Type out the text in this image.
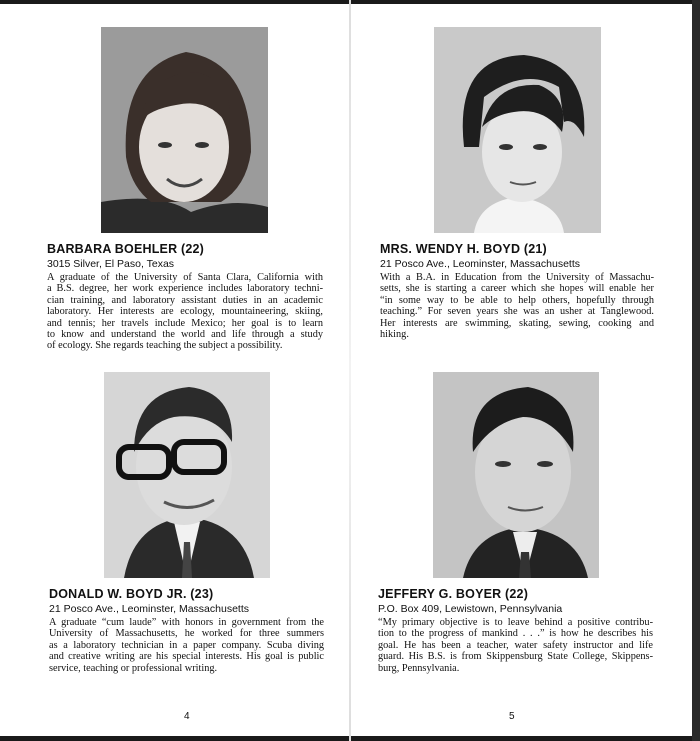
BARBARA BOEHLER (22)
3015 Silver, El Paso, Texas
A graduate of the University of Santa Clara, California with
a B.S. degree, her work experience includes laboratory techni-
cian training, and laboratory assistant duties in an academic
laboratory. Her interests are ecology, mountaineering, skiing,
and tennis; her travels include Mexico; her goal is to learn
to know and understand the world and life through a study
of ecology. She regards teaching the subject a possibility.
MRS. WENDY H. BOYD (21)
21 Posco Ave., Leominster, Massachusetts
With a B.A. in Education from the University of Massachu-
setts, she is starting a career which she hopes will enable her
“in some way to be able to help others, hopefully through
teaching.” For seven years she was an usher at Tanglewood.
Her interests are swimming, skating, sewing, cooking and
hiking.
DONALD W. BOYD JR. (23)
21 Posco Ave., Leominster, Massachusetts
A graduate “cum laude” with honors in government from the
University of Massachusetts, he worked for three summers
as a laboratory technician in a paper company. Scuba diving
and creative writing are his special interests. His goal is public
service, teaching or professional writing.
JEFFERY G. BOYER (22)
P.O. Box 409, Lewistown, Pennsylvania
“My primary objective is to leave behind a positive contribu-
tion to the progress of mankind . . .” is how he describes his
goal. He has been a teacher, water safety instructor and life
guard. His B.S. is from Skippensburg State College, Skippens-
burg, Pennsylvania.
4	5
